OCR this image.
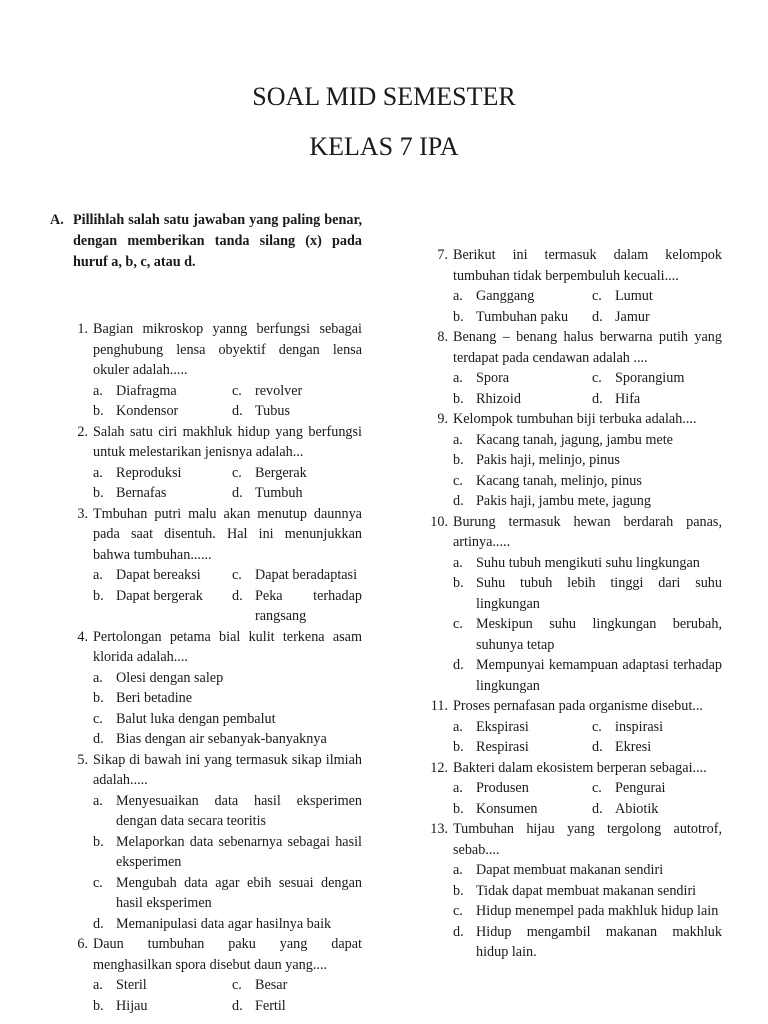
SOAL MID SEMESTER
KELAS 7 IPA
A. Pillihlah salah satu jawaban yang paling benar, dengan memberikan tanda silang (x) pada huruf a, b, c, atau d.
1. Bagian mikroskop yanng berfungsi sebagai penghubung lensa obyektif dengan lensa okuler adalah.....
a. Diafragma	c. revolver
b. Kondensor	d. Tubus
2. Salah satu ciri makhluk hidup yang berfungsi untuk melestarikan jenisnya adalah...
a. Reproduksi	c. Bergerak
b. Bernafas	d. Tumbuh
3. Tmbuhan putri malu akan menutup daunnya pada saat disentuh. Hal ini menunjukkan bahwa tumbuhan......
a. Dapat bereaksi	c. Dapat beradaptasi
b. Dapat bergerak	d. Peka terhadap rangsang
4. Pertolongan petama bial kulit terkena asam klorida adalah....
a. Olesi dengan salep
b. Beri betadine
c. Balut luka dengan pembalut
d. Bias dengan air sebanyak-banyaknya
5. Sikap di bawah ini yang termasuk sikap ilmiah adalah.....
a. Menyesuaikan data hasil eksperimen dengan data secara teoritis
b. Melaporkan data sebenarnya sebagai hasil eksperimen
c. Mengubah data agar ebih sesuai dengan hasil eksperimen
d. Memanipulasi data agar hasilnya baik
6. Daun tumbuhan paku yang dapat menghasilkan spora disebut daun yang....
a. Steril	c. Besar
b. Hijau	d. Fertil
7. Berikut ini termasuk dalam kelompok tumbuhan tidak berpembuluh kecuali....
a. Ganggang	c. Lumut
b. Tumbuhan paku	d. Jamur
8. Benang – benang halus berwarna putih yang terdapat pada cendawan adalah ....
a. Spora	c. Sporangium
b. Rhizoid	d. Hifa
9. Kelompok tumbuhan biji terbuka adalah....
a. Kacang tanah, jagung, jambu mete
b. Pakis haji, melinjo, pinus
c. Kacang tanah, melinjo, pinus
d. Pakis haji, jambu mete, jagung
10. Burung termasuk hewan berdarah panas, artinya.....
a. Suhu tubuh mengikuti suhu lingkungan
b. Suhu tubuh lebih tinggi dari suhu lingkungan
c. Meskipun suhu lingkungan berubah, suhunya tetap
d. Mempunyai kemampuan adaptasi terhadap lingkungan
11. Proses pernafasan pada organisme disebut...
a. Ekspirasi	c. inspirasi
b. Respirasi	d. Ekresi
12. Bakteri dalam ekosistem berperan sebagai....
a. Produsen	c. Pengurai
b. Konsumen	d. Abiotik
13. Tumbuhan hijau yang tergolong autotrof, sebab....
a. Dapat membuat makanan sendiri
b. Tidak dapat membuat makanan sendiri
c. Hidup menempel pada makhluk hidup lain
d. Hidup mengambil makanan makhluk hidup lain.
